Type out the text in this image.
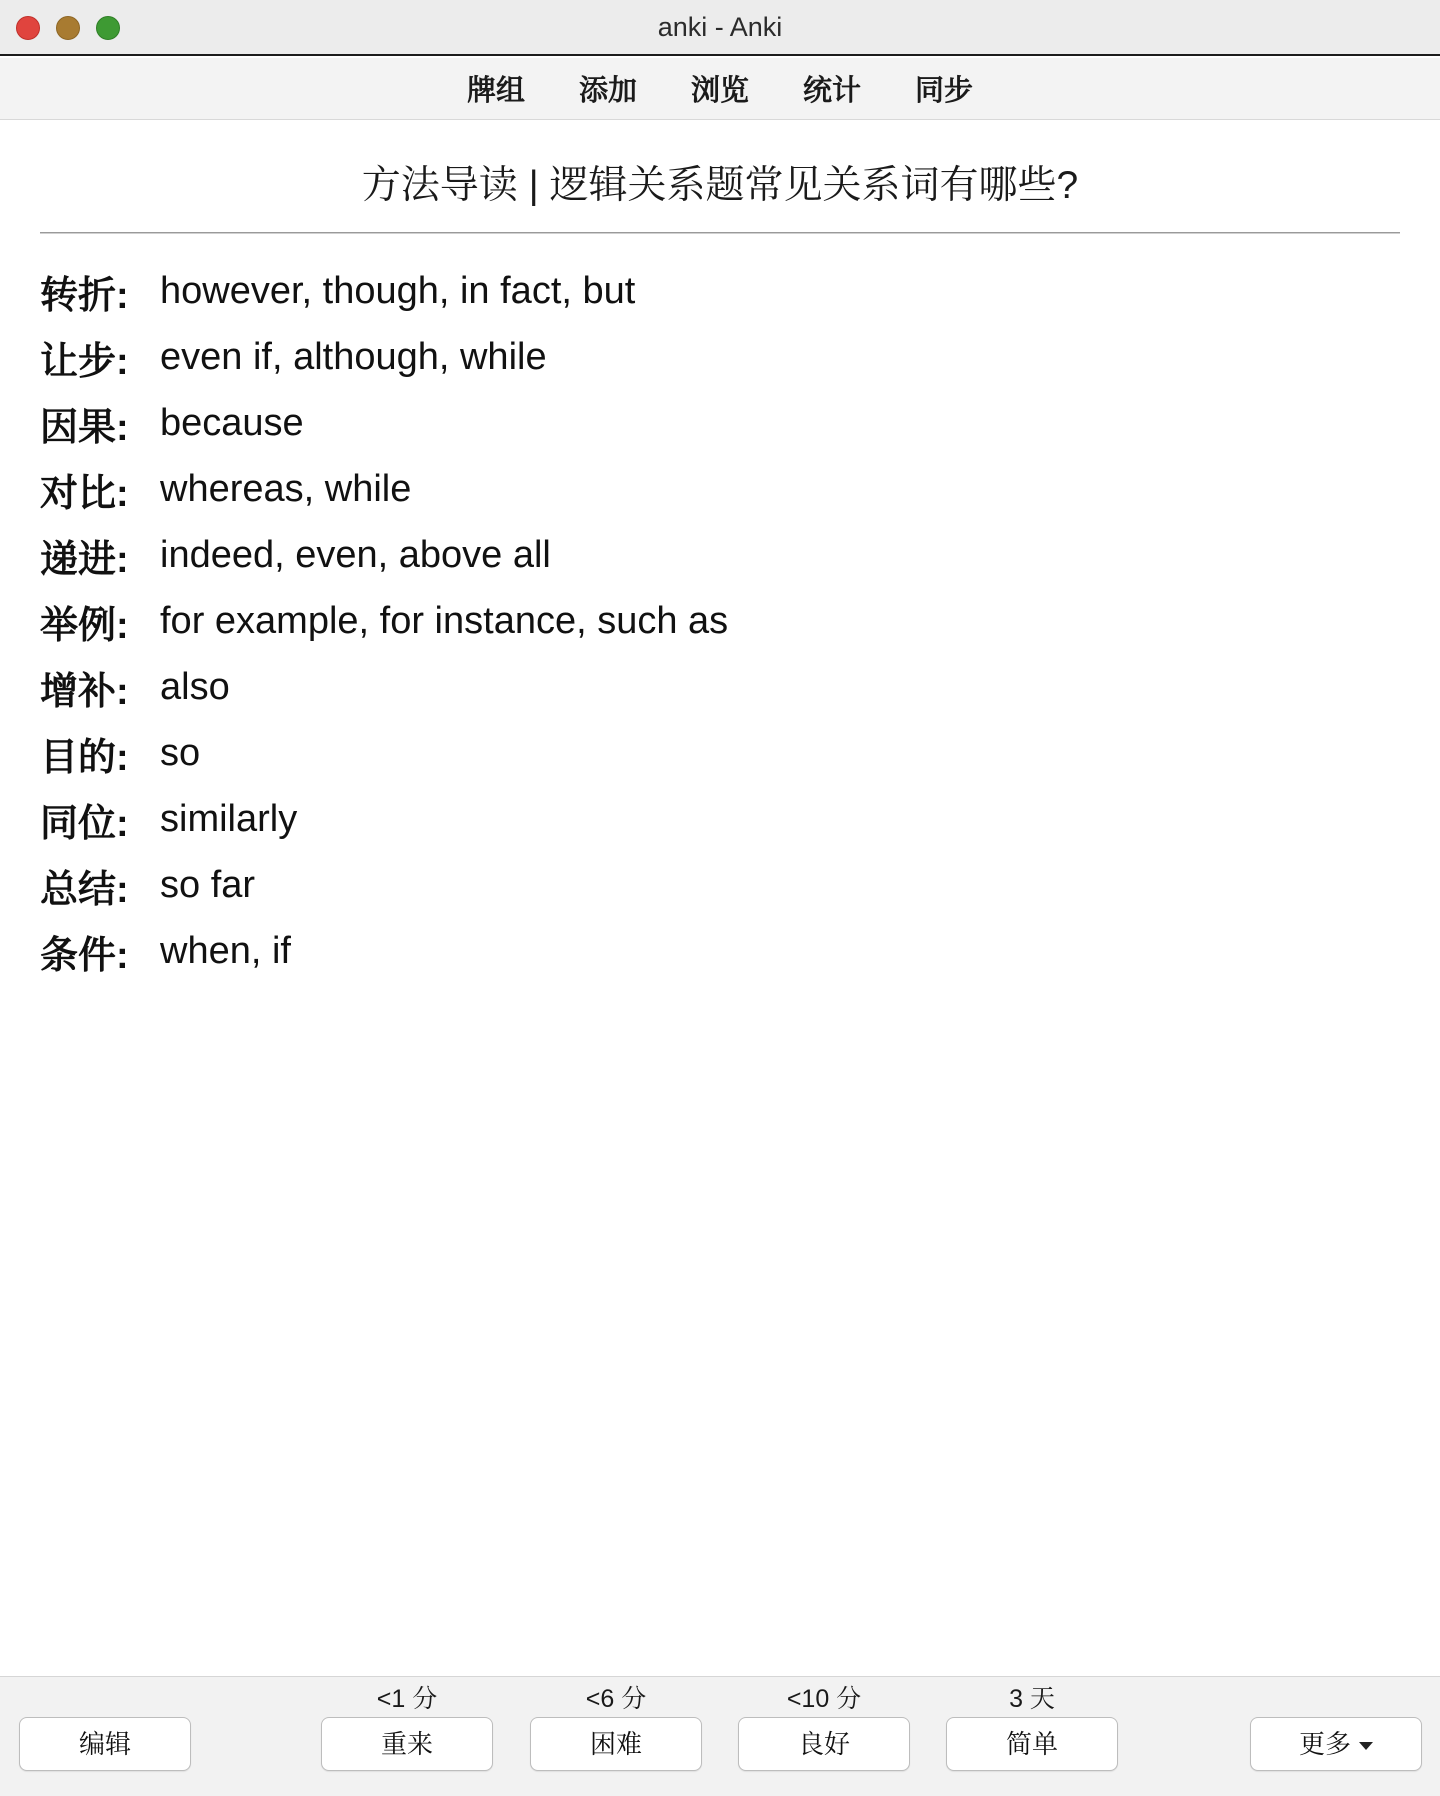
anki - Anki
牌组	添加	浏览	统计	同步
方法导读 | 逻辑关系题常见关系词有哪些?
转折: however, though, in fact, but
让步: even if, although, while
因果: because
对比: whereas, while
递进: indeed, even, above all
举例: for example, for instance, such as
增补: also
目的: so
同位: similarly
总结: so far
条件: when, if
编辑
<1 分
重来
<6 分
困难
<10 分
良好
3 天
简单	更多
